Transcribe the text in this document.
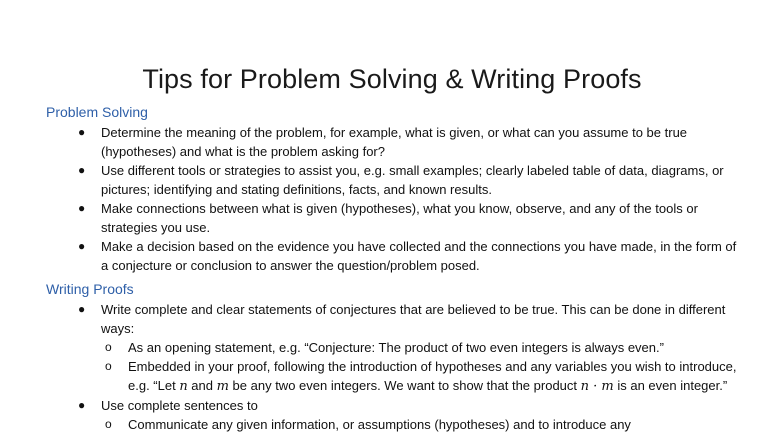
Tips for Problem Solving & Writing Proofs
Problem Solving
● Determine the meaning of the problem, for example, what is given, or what can you assume to be true (hypotheses) and what is the problem asking for?
● Use different tools or strategies to assist you, e.g. small examples; clearly labeled table of data, diagrams, or pictures; identifying and stating definitions, facts, and known results.
● Make connections between what is given (hypotheses), what you know, observe, and any of the tools or strategies you use.
● Make a decision based on the evidence you have collected and the connections you have made, in the form of a conjecture or conclusion to answer the question/problem posed.
Writing Proofs
● Write complete and clear statements of conjectures that are believed to be true. This can be done in different ways:
o As an opening statement, e.g. “Conjecture: The product of two even integers is always even.”
o Embedded in your proof, following the introduction of hypotheses and any variables you wish to introduce, e.g. “Let n and m be any two even integers. We want to show that the product n · m is an even integer.”
● Use complete sentences to
o Communicate any given information, or assumptions (hypotheses) and to introduce any
